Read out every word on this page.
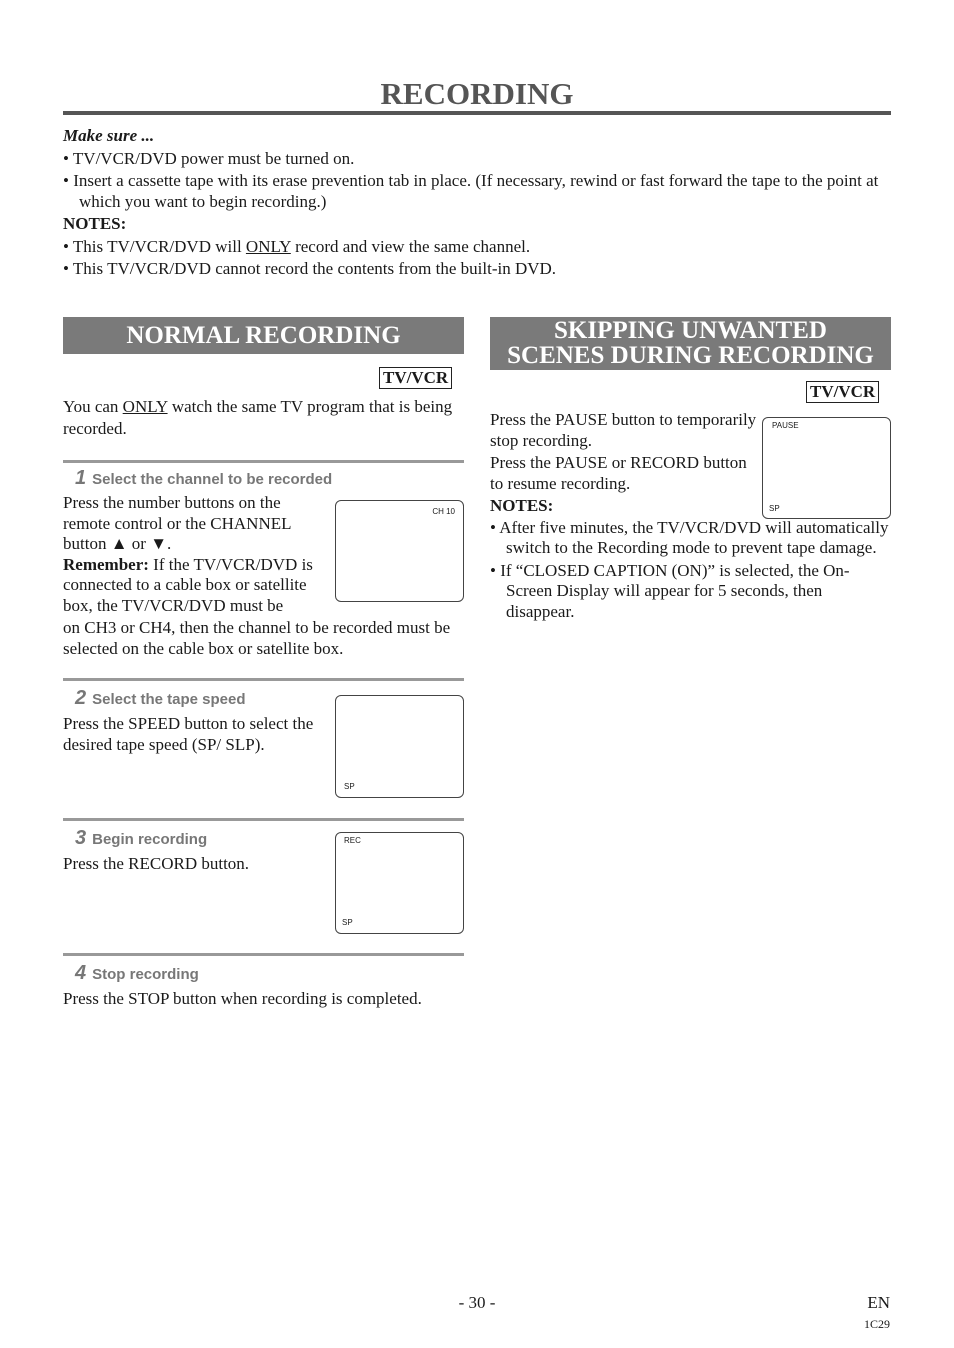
RECORDING
Make sure ...
• TV/VCR/DVD power must be turned on.
• Insert a cassette tape with its erase prevention tab in place. (If necessary, rewind or fast forward the tape to the point at which you want to begin recording.)
NOTES:
• This TV/VCR/DVD will ONLY record and view the same channel.
• This TV/VCR/DVD cannot record the contents from the built-in DVD.
NORMAL RECORDING	SKIPPING UNWANTED
SCENES DURING RECORDING
TV/VCR
TV/VCR
You can ONLY watch the same TV program that is being recorded.
1 Select the channel to be recorded
CH 10
Press the number buttons on the remote control or the CHANNEL button ▲ or ▼.
Remember: If the TV/VCR/DVD is connected to a cable box or satellite box, the TV/VCR/DVD must be
on CH3 or CH4, then the channel to be recorded must be selected on the cable box or satellite box.
2 Select the tape speed
Press the SPEED button to select the desired tape speed (SP/ SLP).
SP
3 Begin recording
Press the RECORD button.
REC
SP
4 Stop recording
Press the STOP button when recording is completed.
PAUSE
SP
Press the PAUSE button to temporarily stop recording.
Press the PAUSE or RECORD button to resume recording.
NOTES:
• After five minutes, the TV/VCR/DVD will automatically switch to the Recording mode to prevent tape damage.
• If “CLOSED CAPTION (ON)” is selected, the On-Screen Display will appear for 5 seconds, then disappear.
- 30 -	EN
1C29
